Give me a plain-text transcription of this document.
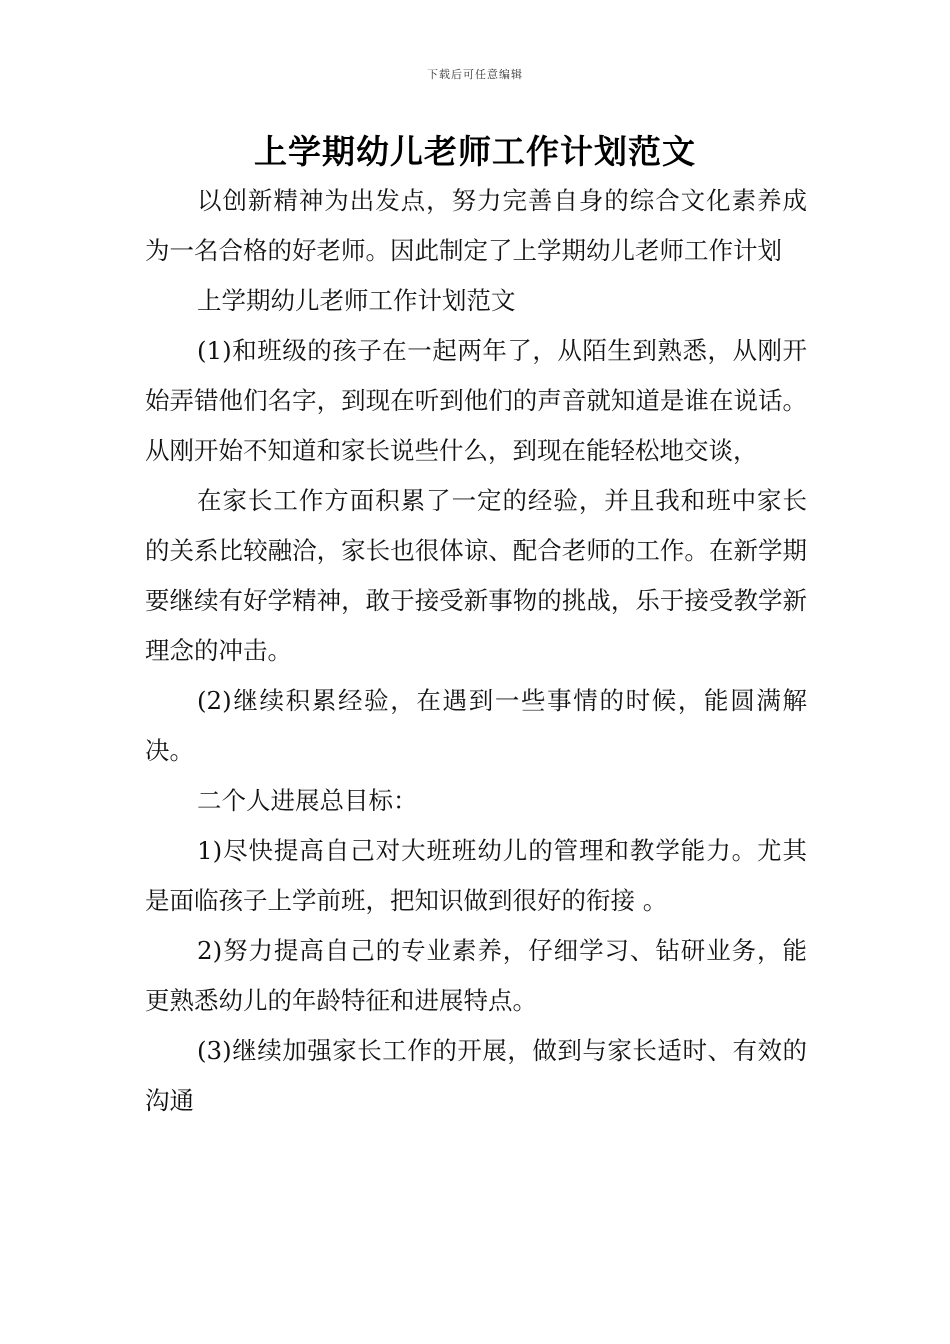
下载后可任意编辑
上学期幼儿老师工作计划范文

以创新精神为出发点，努力完善自身的综合文化素养成为一名合格的好老师。因此制定了上学期幼儿老师工作计划

上学期幼儿老师工作计划范文

(1)和班级的孩子在一起两年了，从陌生到熟悉，从刚开始弄错他们名字，到现在听到他们的声音就知道是谁在说话。从刚开始不知道和家长说些什么，到现在能轻松地交谈，

在家长工作方面积累了一定的经验，并且我和班中家长的关系比较融洽，家长也很体谅、配合老师的工作。在新学期要继续有好学精神，敢于接受新事物的挑战，乐于接受教学新理念的冲击。

(2)继续积累经验，在遇到一些事情的时候，能圆满解决。

二个人进展总目标：

1)尽快提高自己对大班班幼儿的管理和教学能力。尤其是面临孩子上学前班，把知识做到很好的衔接 。

2)努力提高自己的专业素养，仔细学习、钻研业务，能更熟悉幼儿的年龄特征和进展特点。

(3)继续加强家长工作的开展，做到与家长适时、有效的沟通
